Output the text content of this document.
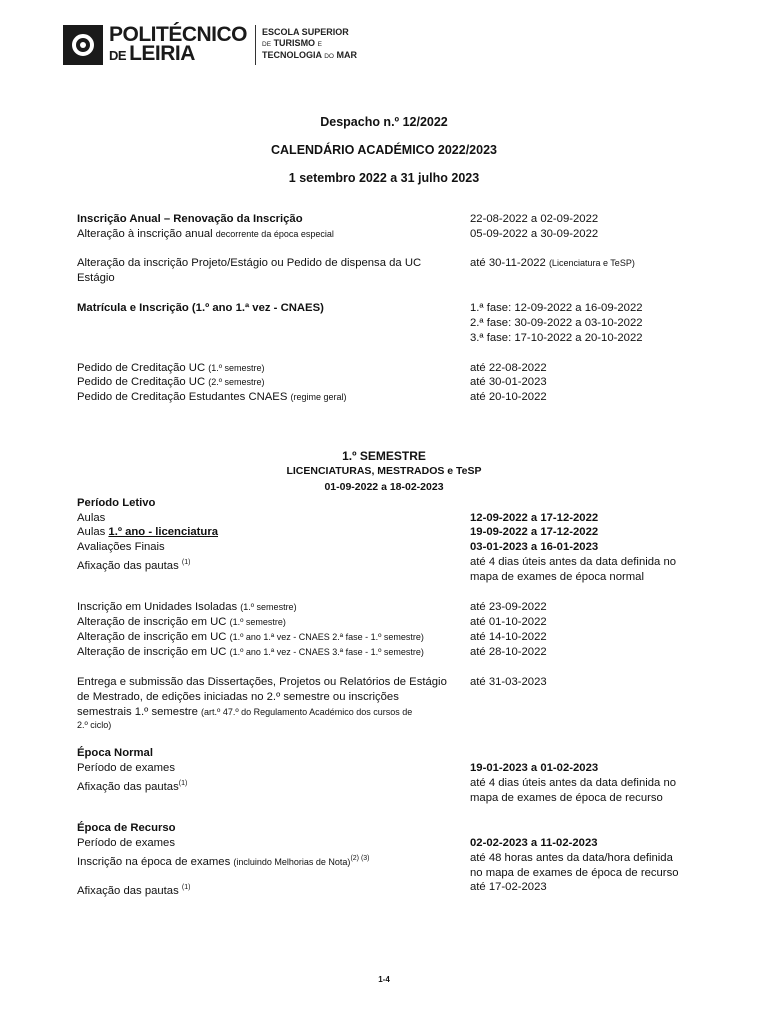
POLITÉCNICO
DE LEIRIA
ESCOLA SUPERIOR
DE TURISMO E
TECNOLOGIA DO MAR
Despacho n.º 12/2022
CALENDÁRIO ACADÉMICO 2022/2023
1 setembro 2022 a 31 julho 2023
Inscrição Anual – Renovação da Inscrição	22-08-2022 a 02-09-2022
Alteração à inscrição anual decorrente da época especial	05-09-2022 a 30-09-2022
Alteração da inscrição Projeto/Estágio ou Pedido de dispensa da UC
Estágio
até 30-11-2022 (Licenciatura e TeSP)
Matrícula e Inscrição (1.º ano 1.ª vez - CNAES)	1.ª fase: 12-09-2022 a 16-09-2022
2.ª fase: 30-09-2022 a 03-10-2022
3.ª fase: 17-10-2022 a 20-10-2022
Pedido de Creditação UC (1.º semestre)	até 22-08-2022
Pedido de Creditação UC (2.º semestre)	até 30-01-2023
Pedido de Creditação Estudantes CNAES (regime geral)	até 20-10-2022
1.º SEMESTRE
LICENCIATURAS, MESTRADOS e TeSP
01-09-2022 a 18-02-2023
Período Letivo
Aulas	12-09-2022 a 17-12-2022
Aulas 1.º ano - licenciatura	19-09-2022 a 17-12-2022
Avaliações Finais	03-01-2023 a 16-01-2023
Afixação das pautas $^{(1)}$	até 4 dias úteis antes da data definida no
mapa de exames de época normal
Inscrição em Unidades Isoladas (1.º semestre)	até 23-09-2022
Alteração de inscrição em UC (1.º semestre)	até 01-10-2022
Alteração de inscrição em UC (1.º ano 1.ª vez - CNAES 2.ª fase - 1.º semestre)	até 14-10-2022
Alteração de inscrição em UC (1.º ano 1.ª vez - CNAES 3.ª fase - 1.º semestre)	até 28-10-2022
Entrega e submissão das Dissertações, Projetos ou Relatórios de Estágio
de Mestrado, de edições iniciadas no 2.º semestre ou inscrições
semestrais 1.º semestre (art.º 47.º do Regulamento Académico dos cursos de
2.º ciclo)
até 31-03-2023
Época Normal
Período de exames	19-01-2023 a 01-02-2023
Afixação das pautas$^{(1)}$	até 4 dias úteis antes da data definida no
mapa de exames de época de recurso
Época de Recurso
Período de exames	02-02-2023 a 11-02-2023
Inscrição na época de exames (incluindo Melhorias de Nota)$^{(2) (3)}$	até 48 horas antes da data/hora definida
no mapa de exames de época de recurso
Afixação das pautas $^{(1)}$	até 17-02-2023
1-4
